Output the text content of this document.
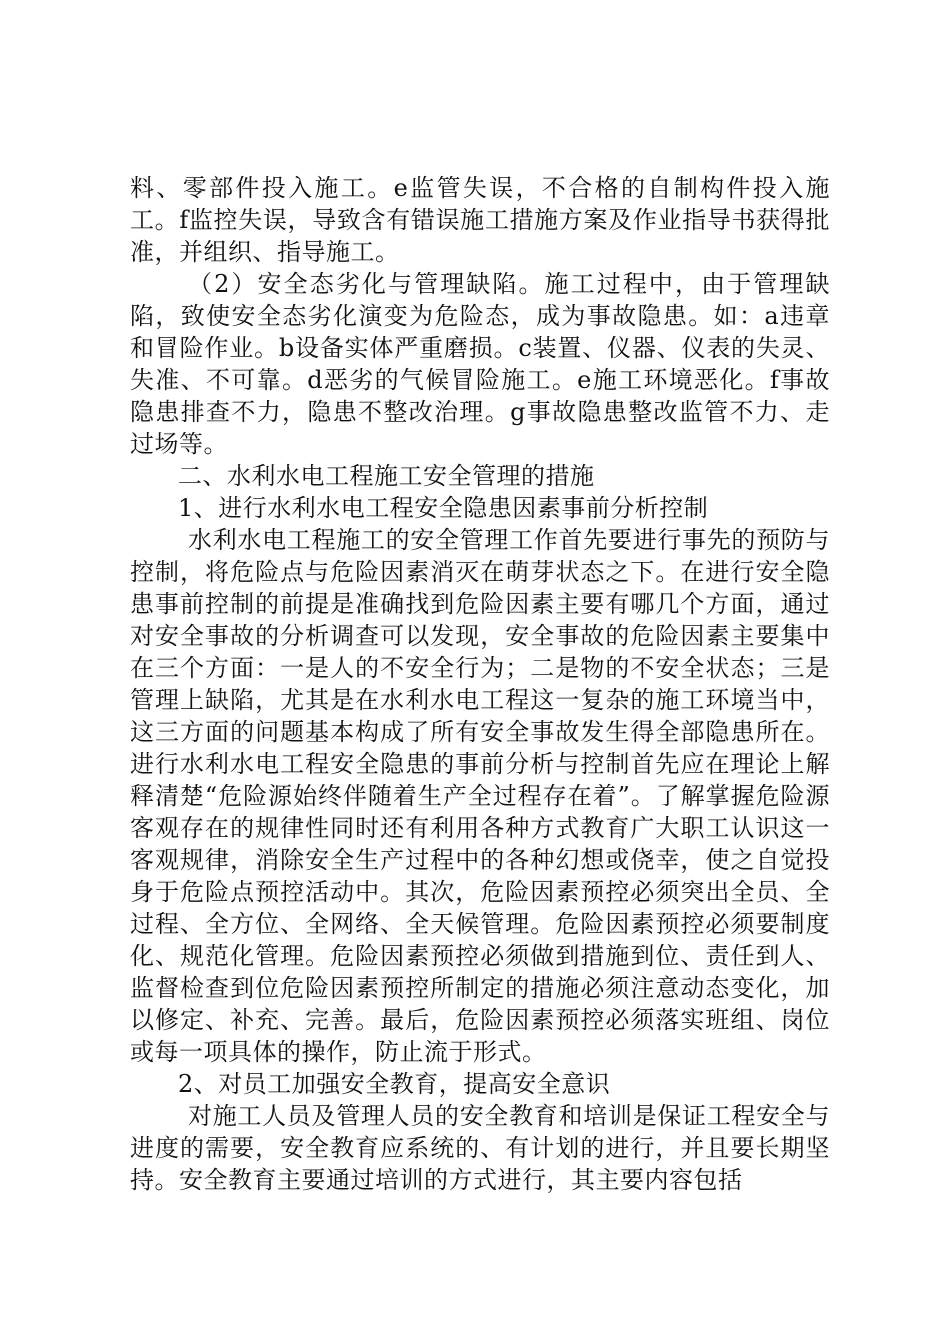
料、零部件投入施工。e监管失误，不合格的自制构件投入施工。f监控失误，导致含有错误施工措施方案及作业指导书获得批准，并组织、指导施工。

（2）安全态劣化与管理缺陷。施工过程中，由于管理缺陷，致使安全态劣化演变为危险态，成为事故隐患。如：a违章和冒险作业。b设备实体严重磨损。c装置、仪器、仪表的失灵、失准、不可靠。d恶劣的气候冒险施工。e施工环境恶化。f事故隐患排查不力，隐患不整改治理。g事故隐患整改监管不力、走过场等。

二、水利水电工程施工安全管理的措施

1、进行水利水电工程安全隐患因素事前分析控制

水利水电工程施工的安全管理工作首先要进行事先的预防与控制，将危险点与危险因素消灭在萌芽状态之下。在进行安全隐患事前控制的前提是准确找到危险因素主要有哪几个方面，通过对安全事故的分析调查可以发现，安全事故的危险因素主要集中在三个方面：一是人的不安全行为；二是物的不安全状态；三是管理上缺陷，尤其是在水利水电工程这一复杂的施工环境当中，这三方面的问题基本构成了所有安全事故发生得全部隐患所在。进行水利水电工程安全隐患的事前分析与控制首先应在理论上解释清楚“危险源始终伴随着生产全过程存在着”。了解掌握危险源客观存在的规律性同时还有利用各种方式教育广大职工认识这一客观规律，消除安全生产过程中的各种幻想或侥幸，使之自觉投身于危险点预控活动中。其次，危险因素预控必须突出全员、全过程、全方位、全网络、全天候管理。危险因素预控必须要制度化、规范化管理。危险因素预控必须做到措施到位、责任到人、监督检查到位危险因素预控所制定的措施必须注意动态变化，加以修定、补充、完善。最后，危险因素预控必须落实班组、岗位或每一项具体的操作，防止流于形式。

2、对员工加强安全教育，提高安全意识

对施工人员及管理人员的安全教育和培训是保证工程安全与进度的需要，安全教育应系统的、有计划的进行，并且要长期坚持。安全教育主要通过培训的方式进行，其主要内容包括
